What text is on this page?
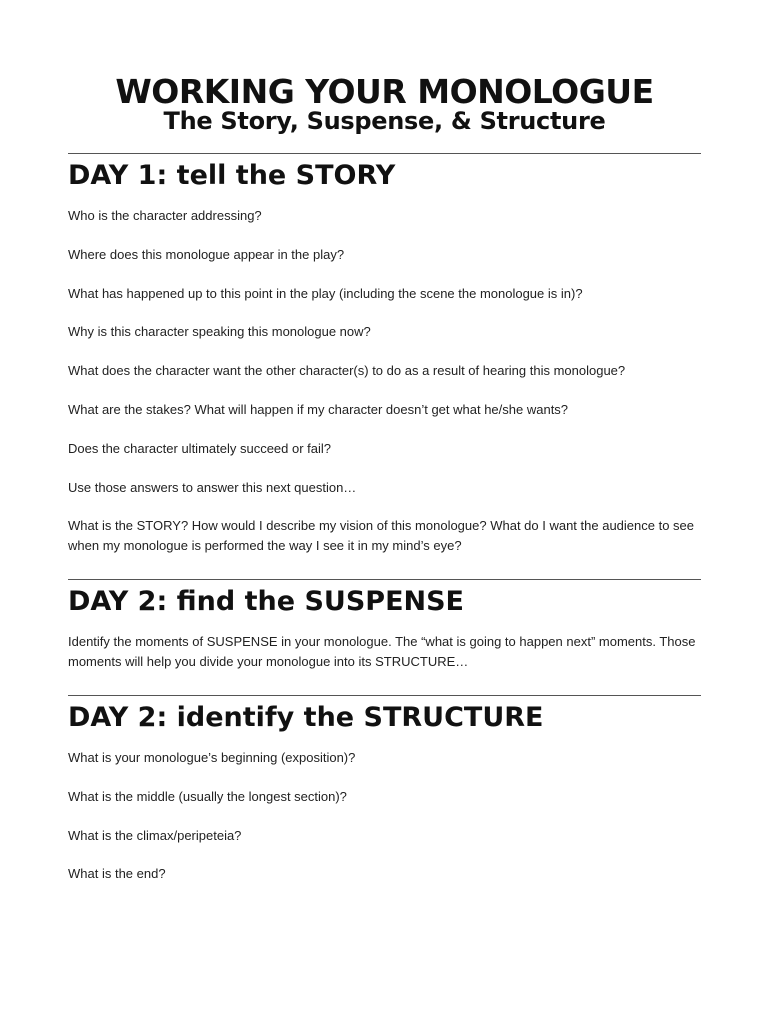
WORKING YOUR MONOLOGUE
The Story, Suspense, & Structure
DAY 1: tell the STORY
Who is the character addressing?
Where does this monologue appear in the play?
What has happened up to this point in the play (including the scene the monologue is in)?
Why is this character speaking this monologue now?
What does the character want the other character(s) to do as a result of hearing this monologue?
What are the stakes? What will happen if my character doesn’t get what he/she wants?
Does the character ultimately succeed or fail?
Use those answers to answer this next question…
What is the STORY? How would I describe my vision of this monologue? What do I want the audience to see when my monologue is performed the way I see it in my mind’s eye?
DAY 2: find the SUSPENSE
Identify the moments of SUSPENSE in your monologue. The “what is going to happen next” moments. Those moments will help you divide your monologue into its STRUCTURE…
DAY 2: identify the STRUCTURE
What is your monologue’s beginning (exposition)?
What is the middle (usually the longest section)?
What is the climax/peripeteia?
What is the end?
